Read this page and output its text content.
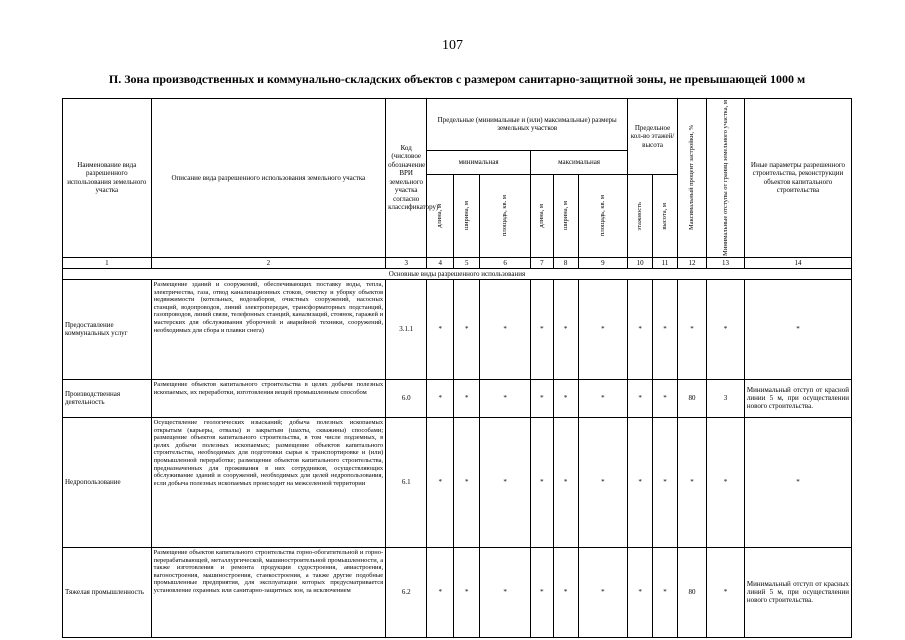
107
П. Зона производственных и коммунально-складских объектов с размером санитарно-защитной зоны, не превышающей 1000 м
Наименование вида разрешенного использования земельного участка	Описание вида разрешенного использования земельного участка	Код (числовое обозначение ВРИ земельного участка согласно классификатору)	Предельные (минимальные и (или) максимальные) размеры земельных участков						Предельное кол-во этажей/ высота		Максимальный процент застройки, %	Минимальные отступы от границ земельного участка, м	Иные параметры разрешенного строительства, реконструкции объектов капитального строительства
			минимальная			максимальная							

			длина, м	ширина, м	площадь, кв. м	длина, м	ширина, м	площадь, кв. м	этажность	высота, м			

1	2	3	4	5	6	7	8	9	10	11	12	13	14
Основные виды разрешенного использования													
Предоставление коммунальных услуг	Размещение зданий и сооружений, обеспечивающих поставку воды, тепла, электричества, газа, отвод канализационных стоков, очистку и уборку объектов недвижимости (котельных, водозаборов, очистных сооружений, насосных станций, водопроводов, линий электропередач, трансформаторных подстанций, газопроводов, линий связи, телефонных станций, канализаций, стоянок, гаражей и мастерских для обслуживания уборочной и аварийной техники, сооружений, необходимых для сбора и плавки снега)	3.1.1	*	*	*	*	*	*	*	*	*	*	*
Производственная деятельность	Размещение объектов капитального строительства в целях добычи полезных ископаемых, их переработки, изготовления вещей промышленным способом	6.0	*	*	*	*	*	*	*	*	80	3	Минимальный отступ от красной линии 5 м, при осуществлении нового строительства.
Недропользование	Осуществление геологических изысканий; добыча полезных ископаемых открытым (карьеры, отвалы) и закрытым (шахты, скважины) способами; размещение объектов капитального строительства, в том числе подземных, в целях добычи полезных ископаемых; размещение объектов капитального строительства, необходимых для подготовки сырья к транспортировке и (или) промышленной переработке; размещение объектов капитального строительства, предназначенных для проживания в них сотрудников, осуществляющих обслуживание зданий и сооружений, необходимых для целей недропользования, если добыча полезных ископаемых происходит на межселенной территории	6.1	*	*	*	*	*	*	*	*	*	*	*
Тяжелая промышленность	Размещение объектов капитального строительства горно-обогатительной и горно-перерабатывающей, металлургической, машиностроительной промышленности, а также изготовления и ремонта продукции судостроения, авиастроения, вагоностроения, машиностроения, станкостроения, а также другие подобные промышленные предприятия, для эксплуатации которых предусматривается установление охранных или санитарно-защитных зон, за исключением	6.2	*	*	*	*	*	*	*	*	80	*	Минимальный отступ от красных линий 5 м, при осуществлении нового строительства.
